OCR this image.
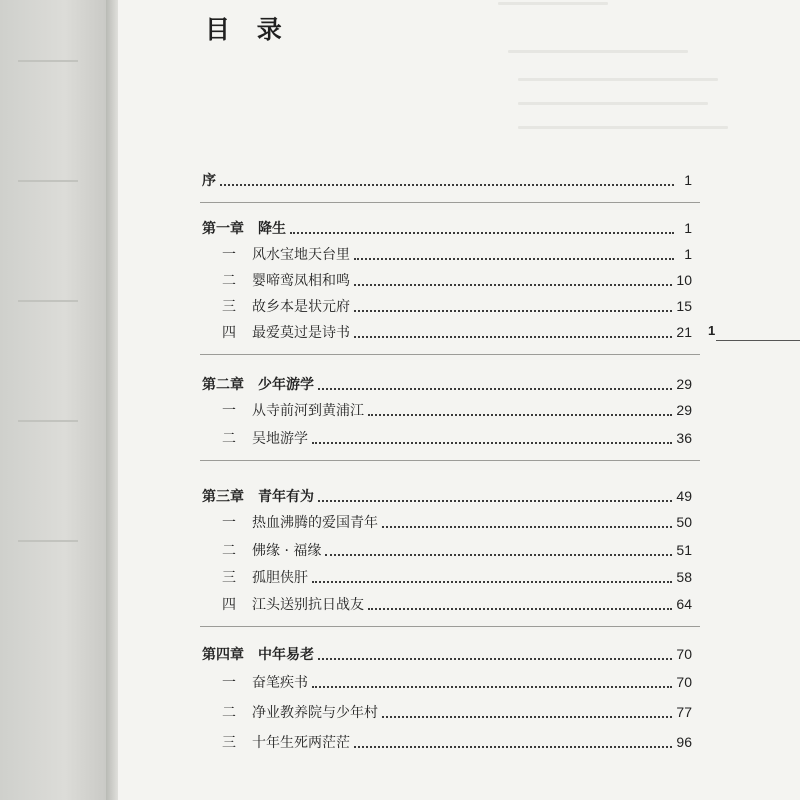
目 录
序	1
第一章　降生	1
一	风水宝地天台里	1
二	婴啼鸾凤相和鸣	10
三	故乡本是状元府	15
四	最爱莫过是诗书	21
第二章　少年游学	29
一	从寺前河到黄浦江	29
二	吴地游学	36
第三章　青年有为	49
一	热血沸腾的爱国青年	50
二	佛缘 · 福缘	51
三	孤胆侠肝	58
四	江头送别抗日战友	64
第四章　中年易老	70
一	奋笔疾书	70
二	净业教养院与少年村	77
三	十年生死两茫茫	96
1
